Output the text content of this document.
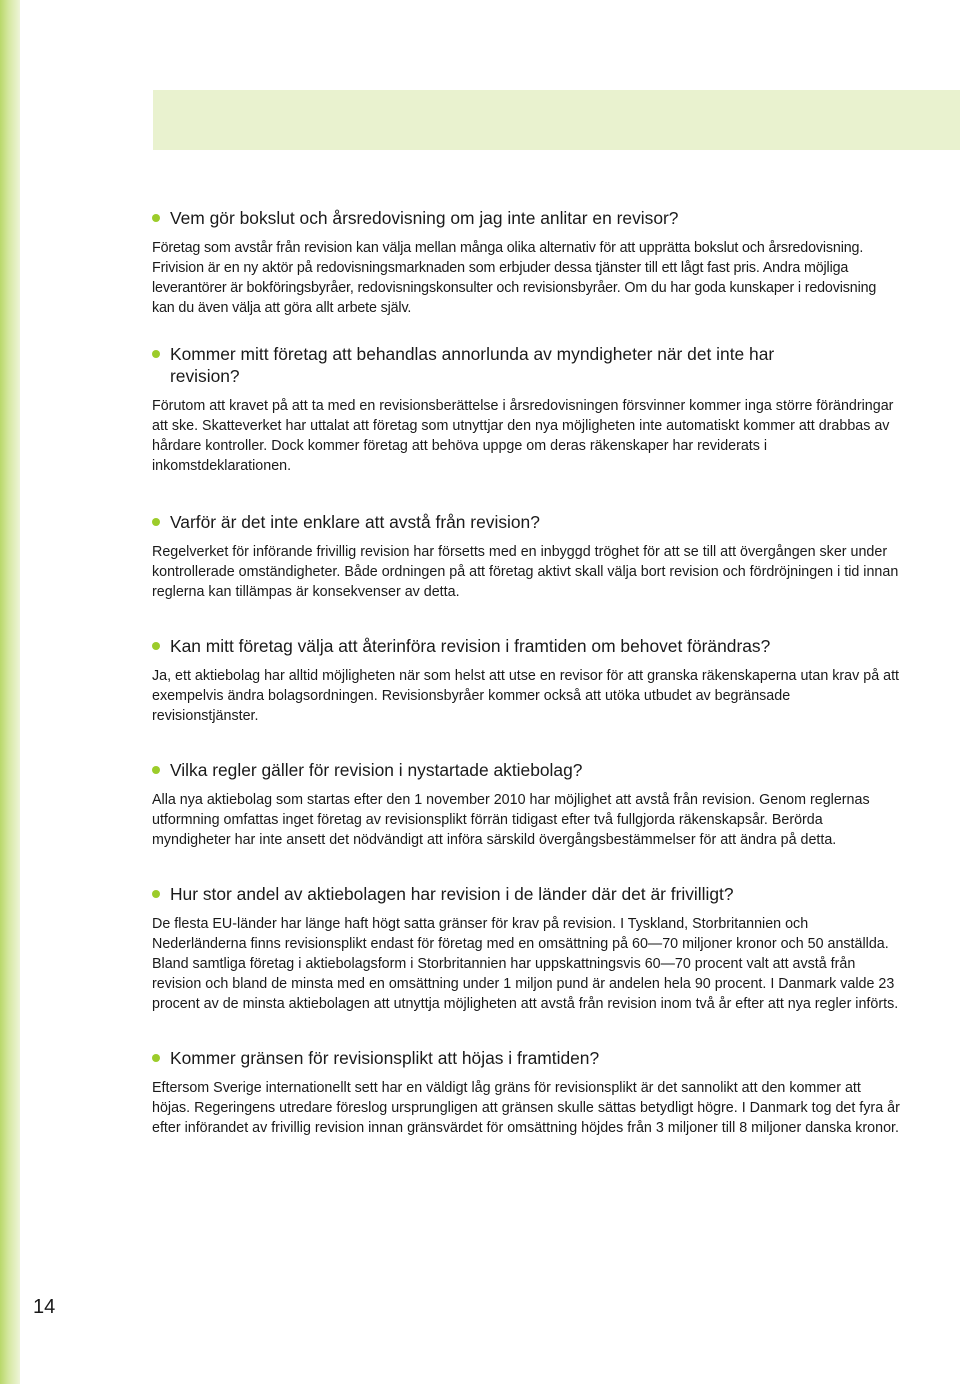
Vem gör bokslut och årsredovisning om jag inte anlitar en revisor?

Företag som avstår från revision kan välja mellan många olika alternativ för att upprätta bokslut och årsredovisning. Frivision är en ny aktör på redovisningsmarknaden som erbjuder dessa tjänster till ett lågt fast pris. Andra möjliga leverantörer är bokföringsbyråer, redovisningskonsulter och revisionsbyråer. Om du har goda kunskaper i redovisning kan du även välja att göra allt arbete själv.

Kommer mitt företag att behandlas annorlunda av myndigheter när det inte har revision?

Förutom att kravet på att ta med en revisionsberättelse i årsredovisningen försvinner kommer inga större förändringar att ske. Skatteverket har uttalat att företag som utnyttjar den nya möjligheten inte automatiskt kommer att drabbas av hårdare kontroller. Dock kommer företag att behöva uppge om deras räkenskaper har reviderats i inkomstdeklarationen.

Varför är det inte enklare att avstå från revision?

Regelverket för införande frivillig revision har försetts med en inbyggd tröghet för att se till att övergången sker under kontrollerade omständigheter. Både ordningen på att företag aktivt skall välja bort revision och fördröjningen i tid innan reglerna kan tillämpas är konsekvenser av detta.

Kan mitt företag välja att återinföra revision i framtiden om behovet förändras?

Ja, ett aktiebolag har alltid möjligheten när som helst att utse en revisor för att granska räkenskaperna utan krav på att exempelvis ändra bolagsordningen. Revisionsbyråer kommer också att utöka utbudet av begränsade revisionstjänster.

Vilka regler gäller för revision i nystartade aktiebolag?

Alla nya aktiebolag som startas efter den 1 november 2010 har möjlighet att avstå från revision. Genom reglernas utformning omfattas inget företag av revisionsplikt förrän tidigast efter två fullgjorda räkenskapsår. Berörda myndigheter har inte ansett det nödvändigt att införa särskild övergångsbestämmelser för att ändra på detta.

Hur stor andel av aktiebolagen har revision i de länder där det är frivilligt?

De flesta EU-länder har länge haft högt satta gränser för krav på revision. I Tyskland, Storbritannien och Nederländerna finns revisionsplikt endast för företag med en omsättning på 60—70 miljoner kronor och 50 anställda. Bland samtliga företag i aktiebolagsform i Storbritannien har uppskattningsvis 60—70 procent valt att avstå från revision och bland de minsta med en omsättning under 1 miljon pund är andelen hela 90 procent. I Danmark valde 23 procent av de minsta aktiebolagen att utnyttja möjligheten att avstå från revision inom två år efter att nya regler införts.

Kommer gränsen för revisionsplikt att höjas i framtiden?

Eftersom Sverige internationellt sett har en väldigt låg gräns för revisionsplikt är det sannolikt att den kommer att höjas. Regeringens utredare föreslog ursprungligen att gränsen skulle sättas betydligt högre. I Danmark tog det fyra år efter införandet av frivillig revision innan gränsvärdet för omsättning höjdes från 3 miljoner till 8 miljoner danska kronor.

14
